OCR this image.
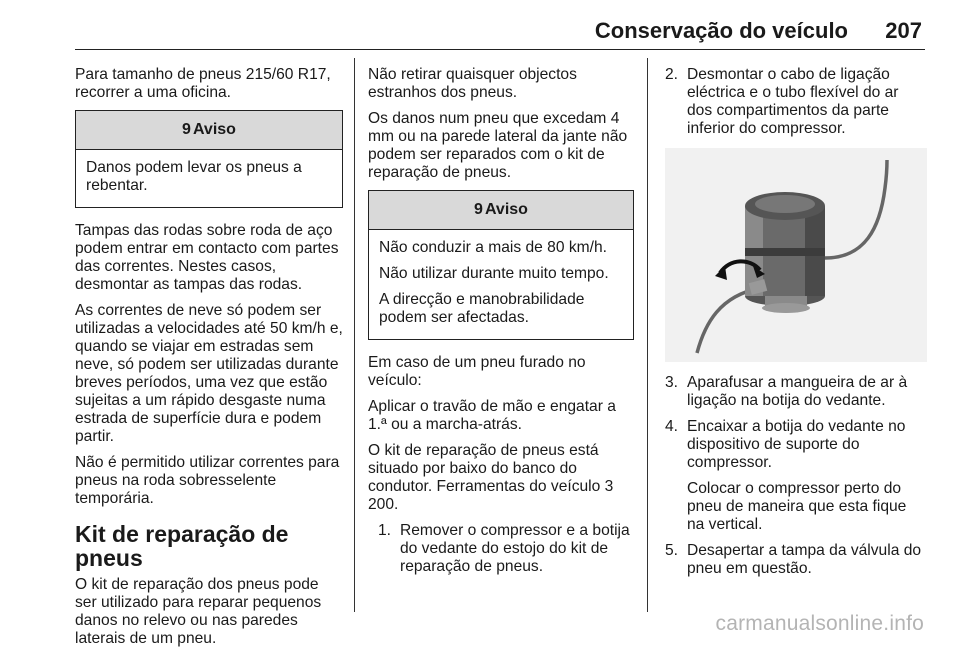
Conservação do veículo 207

Para tamanho de pneus 215/60 R17, recorrer a uma oficina.

9 Aviso

Danos podem levar os pneus a rebentar.

Tampas das rodas sobre roda de aço podem entrar em contacto com partes das correntes. Nestes casos, desmontar as tampas das rodas.

As correntes de neve só podem ser utilizadas a velocidades até 50 km/h e, quando se viajar em estradas sem neve, só podem ser utilizadas durante breves períodos, uma vez que estão sujeitas a um rápido desgaste numa estrada de superfície dura e podem partir.

Não é permitido utilizar correntes para pneus na roda sobresselente temporária.

Kit de reparação de pneus

O kit de reparação dos pneus pode ser utilizado para reparar pequenos danos no relevo ou nas paredes laterais de um pneu.

Não retirar quaisquer objectos estranhos dos pneus.

Os danos num pneu que excedam 4 mm ou na parede lateral da jante não podem ser reparados com o kit de reparação de pneus.

9 Aviso

Não conduzir a mais de 80 km/h.

Não utilizar durante muito tempo.

A direcção e manobrabilidade podem ser afectadas.

Em caso de um pneu furado no veículo:

Aplicar o travão de mão e engatar a 1.ª ou a marcha-atrás.

O kit de reparação de pneus está situado por baixo do banco do condutor. Ferramentas do veículo 3 200.

1. Remover o compressor e a botija do vedante do estojo do kit de reparação de pneus.
2. Desmontar o cabo de ligação eléctrica e o tubo flexível do ar dos compartimentos da parte inferior do compressor.
3. Aparafusar a mangueira de ar à ligação na botija do vedante.
4. Encaixar a botija do vedante no dispositivo de suporte do compressor.

Colocar o compressor perto do pneu de maneira que esta fique na vertical.

5. Desapertar a tampa da válvula do pneu em questão.
carmanualsonline.info
